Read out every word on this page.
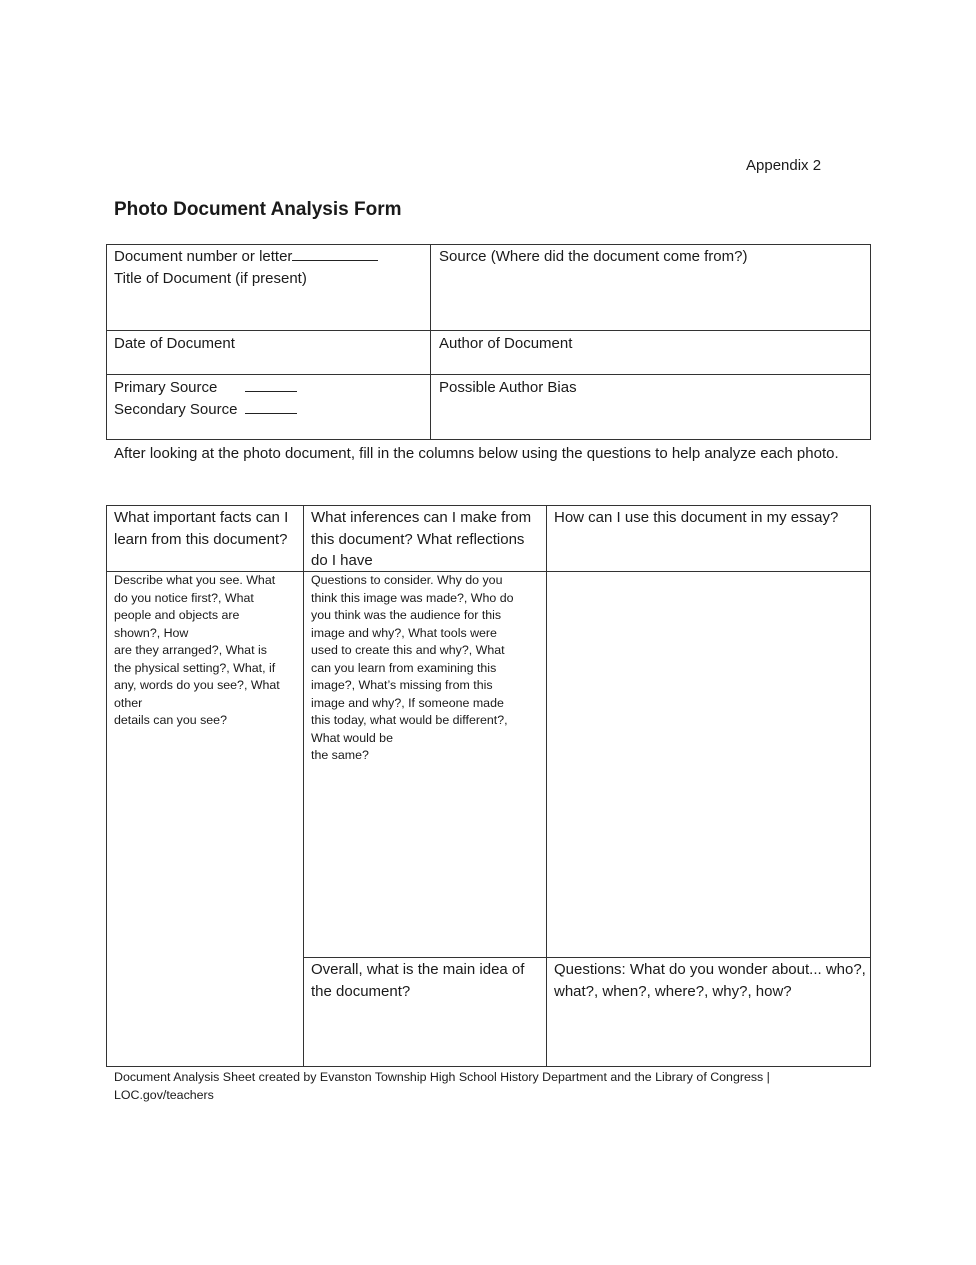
Appendix 2
Photo Document Analysis Form
Document number or letter
Title of Document (if present)
Source (Where did the document come from?)
Date of Document	Author of Document
Primary Source
Secondary Source
Possible Author Bias
After looking at the photo document, fill in the columns below using the questions to help analyze each photo.
What important facts can I learn from this document?
What inferences can I make from this document? What reflections do I have
How can I use this document in my essay?
Describe what you see. What
do you notice first?, What
people and objects are
shown?, How
are they arranged?, What is
the physical setting?, What, if
any, words do you see?, What
other
details can you see?
Questions to consider. Why do you
think this image was made?, Who do
you think was the audience for this
image and why?, What tools were
used to create this and why?, What
can you learn from examining this
image?, What’s missing from this
image and why?, If someone made
this today, what would be different?,
What would be
the same?
Overall, what is the main idea of the document?
Questions: What do you wonder about... who?, what?, when?, where?, why?, how?
Document Analysis Sheet created by Evanston Township High School History Department and the Library of Congress | LOC.gov/teachers
